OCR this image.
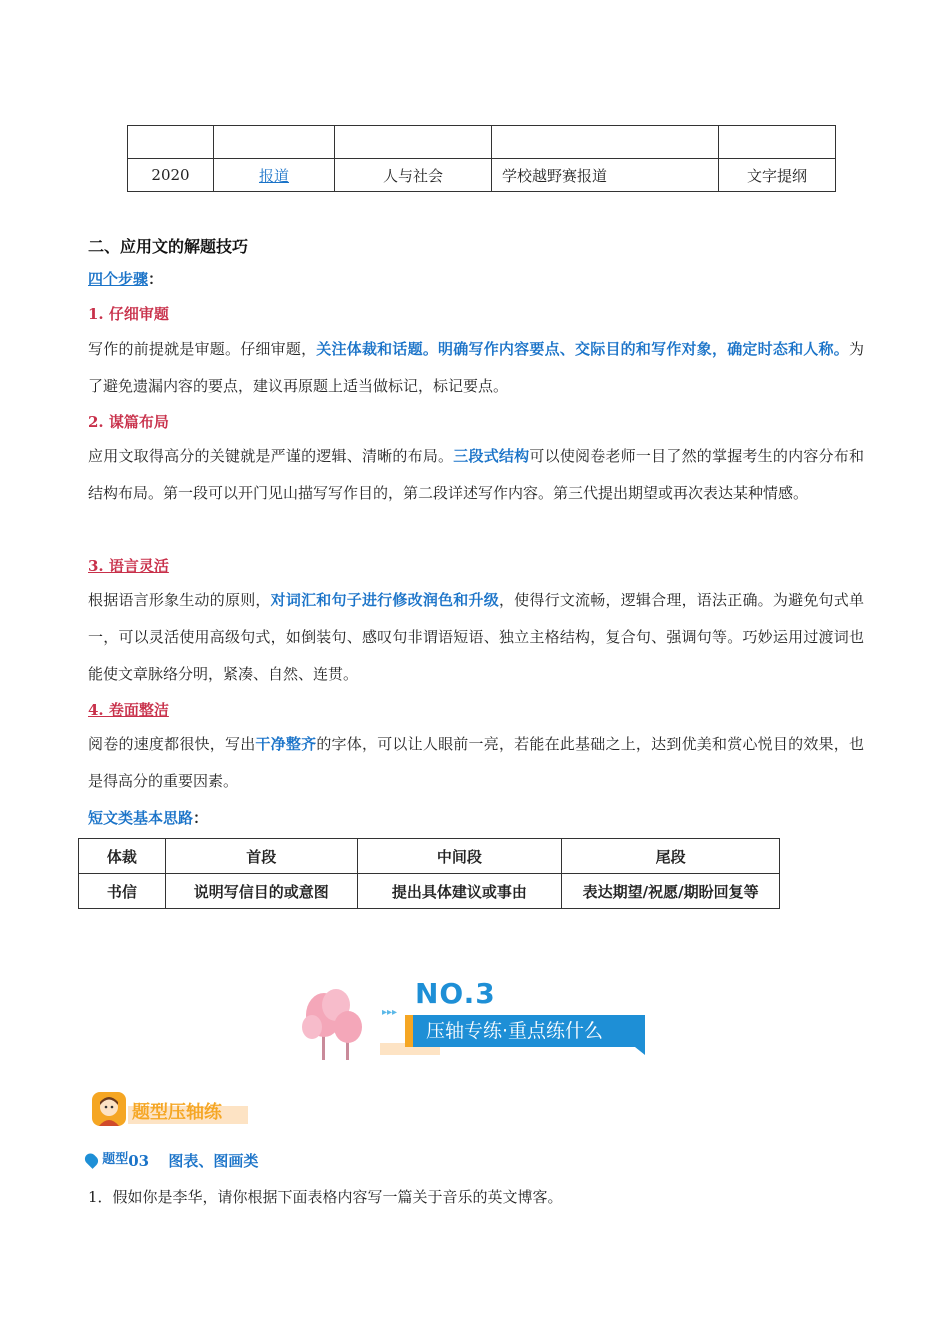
2020	报道	人与社会	学校越野赛报道	文字提纲
二、应用文的解题技巧
四个步骤：
1. 仔细审题
写作的前提就是审题。仔细审题，关注体裁和话题。明确写作内容要点、交际目的和写作对象，确定时态和人称。为了避免遗漏内容的要点，建议再原题上适当做标记，标记要点。
2. 谋篇布局
应用文取得高分的关键就是严谨的逻辑、清晰的布局。三段式结构可以使阅卷老师一目了然的掌握考生的内容分布和结构布局。第一段可以开门见山描写写作目的，第二段详述写作内容。第三代提出期望或再次表达某种情感。
3. 语言灵活
根据语言形象生动的原则，对词汇和句子进行修改润色和升级，使得行文流畅，逻辑合理，语法正确。为避免句式单一，可以灵活使用高级句式，如倒装句、感叹句非谓语短语、独立主格结构，复合句、强调句等。巧妙运用过渡词也能使文章脉络分明，紧凑、自然、连贯。
4. 卷面整洁
阅卷的速度都很快，写出干净整齐的字体，可以让人眼前一亮，若能在此基础之上，达到优美和赏心悦目的效果，也是得高分的重要因素。
短文类基本思路：
体裁	首段	中间段	尾段
书信	说明写信目的或意图	提出具体建议或事由	表达期望/祝愿/期盼回复等
▸▸▸
NO.3
压轴专练·重点练什么
题型压轴练
题型03 图表、图画类
1．假如你是李华，请你根据下面表格内容写一篇关于音乐的英文博客。
